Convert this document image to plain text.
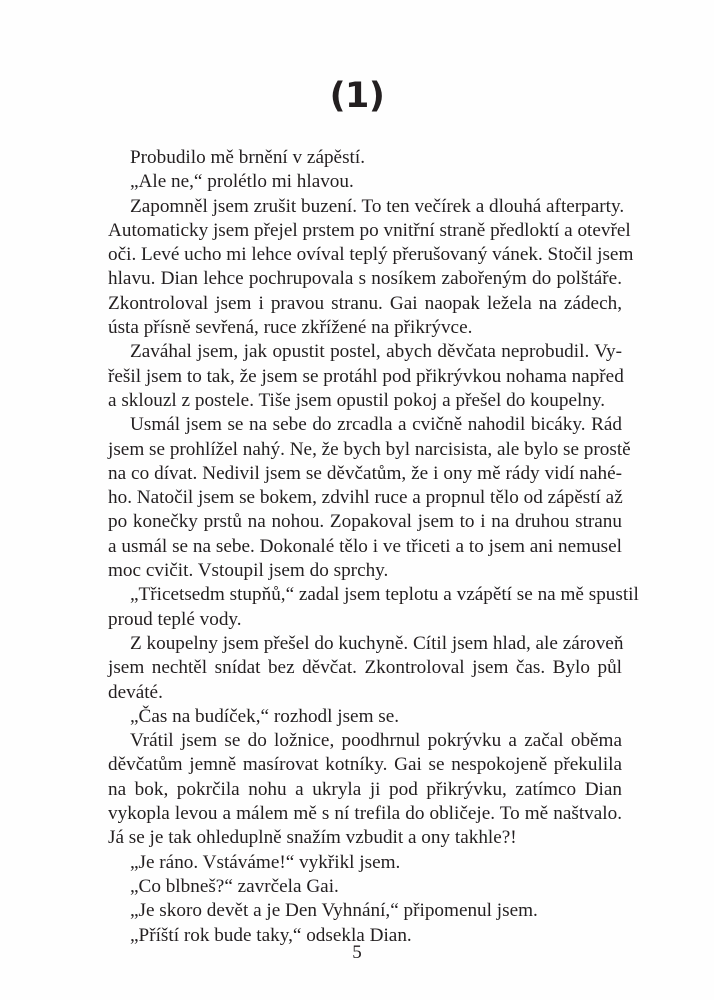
(1)
Probudilo mě brnění v zápěstí.
„Ale ne,“ prolétlo mi hlavou.
Zapomněl jsem zrušit buzení. To ten večírek a dlouhá afterparty.
Automaticky jsem přejel prstem po vnitřní straně předloktí a otevřel
oči. Levé ucho mi lehce ovíval teplý přerušovaný vánek. Stočil jsem
hlavu. Dian lehce pochrupovala s nosíkem zabořeným do polštáře.
Zkontroloval jsem i pravou stranu. Gai naopak ležela na zádech,
ústa přísně sevřená, ruce zkřížené na přikrývce.
Zaváhal jsem, jak opustit postel, abych děvčata neprobudil. Vy-
řešil jsem to tak, že jsem se protáhl pod přikrývkou nohama napřed
a sklouzl z postele. Tiše jsem opustil pokoj a přešel do koupelny.
Usmál jsem se na sebe do zrcadla a cvičně nahodil bicáky. Rád
jsem se prohlížel nahý. Ne, že bych byl narcisista, ale bylo se prostě
na co dívat. Nedivil jsem se děvčatům, že i ony mě rády vidí nahé-
ho. Natočil jsem se bokem, zdvihl ruce a propnul tělo od zápěstí až
po konečky prstů na nohou. Zopakoval jsem to i na druhou stranu
a usmál se na sebe. Dokonalé tělo i ve třiceti a to jsem ani nemusel
moc cvičit. Vstoupil jsem do sprchy.
„Třicetsedm stupňů,“ zadal jsem teplotu a vzápětí se na mě spustil
proud teplé vody.
Z koupelny jsem přešel do kuchyně. Cítil jsem hlad, ale zároveň
jsem nechtěl snídat bez děvčat. Zkontroloval jsem čas. Bylo půl
deváté.
„Čas na budíček,“ rozhodl jsem se.
Vrátil jsem se do ložnice, poodhrnul pokrývku a začal oběma
děvčatům jemně masírovat kotníky. Gai se nespokojeně překulila
na bok, pokrčila nohu a ukryla ji pod přikrývku, zatímco Dian
vykopla levou a málem mě s ní trefila do obličeje. To mě naštvalo.
Já se je tak ohleduplně snažím vzbudit a ony takhle?!
„Je ráno. Vstáváme!“ vykřikl jsem.
„Co blbneš?“ zavrčela Gai.
„Je skoro devět a je Den Vyhnání,“ připomenul jsem.
„Příští rok bude taky,“ odsekla Dian.
5
